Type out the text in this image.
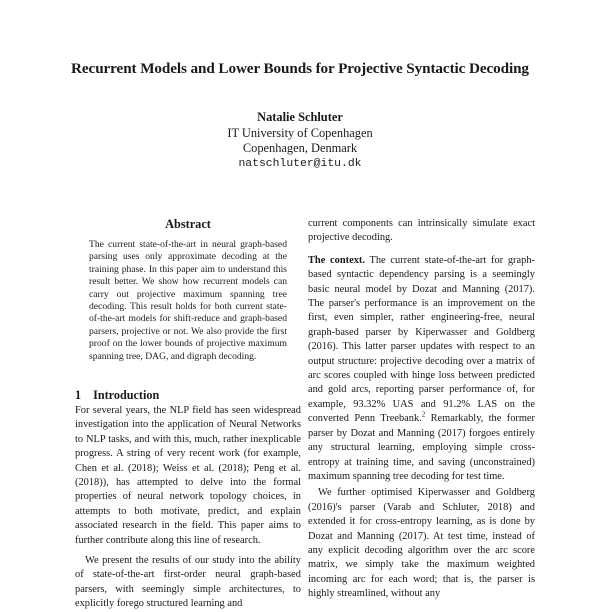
Recurrent Models and Lower Bounds for Projective Syntactic Decoding
Natalie Schluter
IT University of Copenhagen
Copenhagen, Denmark
natschluter@itu.dk
Abstract
The current state-of-the-art in neural graph-based parsing uses only approximate decoding at the training phase. In this paper aim to understand this result better. We show how recurrent models can carry out projective maximum spanning tree decoding. This result holds for both current state-of-the-art models for shift-reduce and graph-based parsers, projective or not. We also provide the first proof on the lower bounds of projective maximum spanning tree, DAG, and digraph decoding.
1 Introduction

For several years, the NLP field has seen widespread investigation into the application of Neural Networks to NLP tasks, and with this, much, rather inexplicable progress. A string of very recent work (for example, Chen et al. (2018); Weiss et al. (2018); Peng et al. (2018)), has attempted to delve into the formal properties of neural network topology choices, in attempts to both motivate, predict, and explain associated research in the field. This paper aims to further contribute along this line of research.

We present the results of our study into the ability of state-of-the-art first-order neural graph-based parsers, with seemingly simple architectures, to explicitly forego structured learning and

current components can intrinsically simulate exact projective decoding.

The context. The current state-of-the-art for graph-based syntactic dependency parsing is a seemingly basic neural model by Dozat and Manning (2017). The parser's performance is an improvement on the first, even simpler, rather engineering-free, neural graph-based parser by Kiperwasser and Goldberg (2016). This latter parser updates with respect to an output structure: projective decoding over a matrix of arc scores coupled with hinge loss between predicted and gold arcs, reporting parser performance of, for example, 93.32% UAS and 91.2% LAS on the converted Penn Treebank.$^2$ Remarkably, the former parser by Dozat and Manning (2017) forgoes entirely any structural learning, employing simple cross-entropy at training time, and saving (unconstrained) maximum spanning tree decoding for test time.

We further optimised Kiperwasser and Goldberg (2016)'s parser (Varab and Schluter, 2018) and extended it for cross-entropy learning, as is done by Dozat and Manning (2017). At test time, instead of any explicit decoding algorithm over the arc score matrix, we simply take the maximum weighted incoming arc for each word; that is, the parser is highly streamlined, without any
